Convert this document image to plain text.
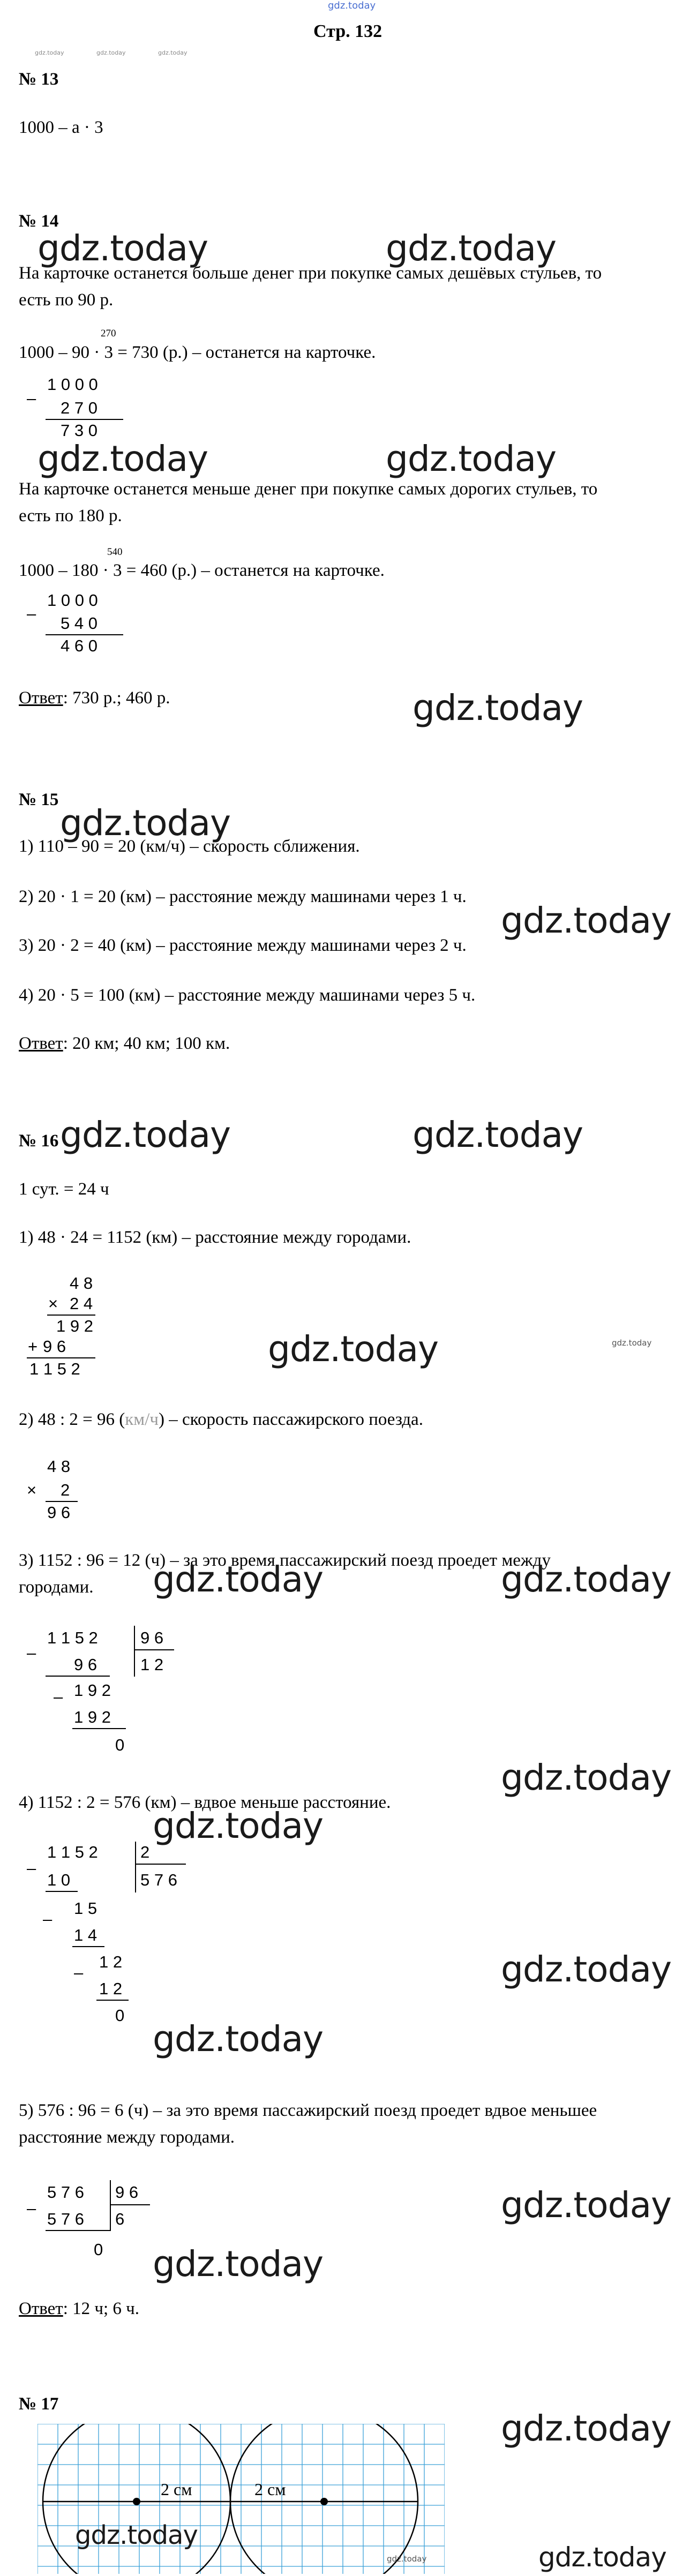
gdz.today
Стр. 132
gdz.today	gdz.today	gdz.today
№ 13
1000 – a · 3
№ 14
gdz.today	gdz.today
На карточке останется больше денег при покупке самых дешёвых стульев, то
есть по 90 р.
270
1000 – 90 · 3 = 730 (р.) – останется на карточке.
–
1 0 0 0
2 7 0
7 3 0
gdz.today	gdz.today
На карточке останется меньше денег при покупке самых дорогих стульев, то
есть по 180 р.
540
1000 – 180 · 3 = 460 (р.) – останется на карточке.
–
1 0 0 0
5 4 0
4 6 0
Ответ: 730 р.; 460 р.	gdz.today
№ 15
gdz.today
1) 110 – 90 = 20 (км/ч) – скорость сближения.
gdz.today
2) 20 · 1 = 20 (км) – расстояние между машинами через 1 ч.
3) 20 · 2 = 40 (км) – расстояние между машинами через 2 ч.
4) 20 · 5 = 100 (км) – расстояние между машинами через 5 ч.
Ответ: 20 км; 40 км; 100 км.
№ 16 gdz.today	gdz.today
1 сут. = 24 ч
1) 48 · 24 = 1152 (км) – расстояние между городами.
4 8
× 2 4
1 9 2
+ 9 6
1 1 5 2	gdz.today	gdz.today
2) 48 : 2 = 96 (км/ч) – скорость пассажирского поезда.
4 8
× 2
9 6
3) 1152 : 96 = 12 (ч) – за это время пассажирский поезд проедет между
городами. gdz.today	gdz.today
–
1 1 5 2	9 6
9 6	1 2
– 1 9 2
1 9 2
0
gdz.today
4) 1152 : 2 = 576 (км) – вдвое меньше расстояние.
gdz.today
–
1 1 5 2	2
1 0	5 7 6
–
1 5
1 4
–
1 2
1 2
0
gdz.today
gdz.today
5) 576 : 96 = 6 (ч) – за это время пассажирский поезд проедет вдвое меньшее
расстояние между городами.
–
5 7 6 9 6
5 7 6 6
0
gdz.today
gdz.today
Ответ: 12 ч; 6 ч.
№ 17
gdz.today
2 см	2 см
gdz.today
gdz.today	gdz.today
